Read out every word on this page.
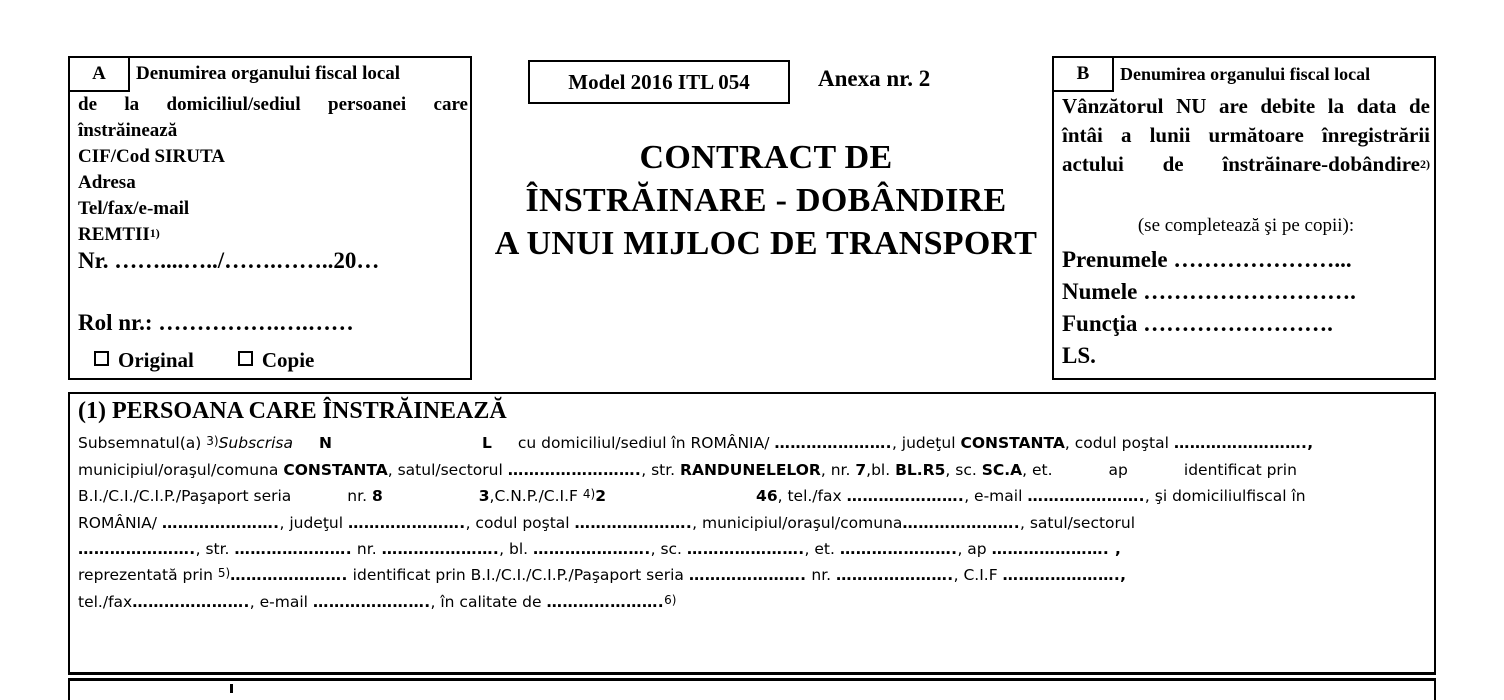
A	Denumirea organului fiscal local
de la domiciliul/sediul persoanei care
înstrăinează
CIF/Cod SIRUTA
Adresa
Tel/fax/e-mail
REMTII1)
Nr. ……....…../…….……..20…
Rol nr.: …………….….……
Original	Copie
Model 2016 ITL 054	Anexa nr. 2
CONTRACT DE
ÎNSTRĂINARE - DOBÂNDIRE
A UNUI MIJLOC DE TRANSPORT
B	Denumirea organului fiscal local
Vânzătorul NU are debite la data de întâi a lunii următoare înregistrării actului de înstrăinare-dobândire2)
(se completează şi pe copii):
Prenumele …………………...
Numele ……………………….
Funcţia …………………….
LS.
(1) PERSOANA CARE ÎNSTRĂINEAZĂ
Subsemnatul(a) 3)Subscrisa N	L cu domiciliul/sediul în ROMÂNIA/ …………………., judeţul CONSTANTA, codul poştal …………………….,
municipiul/oraşul/comuna CONSTANTA, satul/sectorul ……………………., str. RANDUNELELOR, nr. 7,bl. BL.R5, sc. SC.A, et.	ap	identificat prin
B.I./C.I./C.I.P./Paşaport seria	nr. 8	3,C.N.P./C.I.F 4)2	46, tel./fax …………………., e-mail …………………., şi domiciliulfiscal în
ROMÂNIA/ …………………., judeţul …………………., codul poştal …………………., municipiul/oraşul/comuna…………………., satul/sectorul
…………………., str. …………………. nr. …………………., bl. …………………., sc. …………………., et. …………………., ap …………………. ,
reprezentată prin 5)…………………. identificat prin B.I./C.I./C.I.P./Paşaport seria …………………. nr. …………………., C.I.F ………………….,
tel./fax…………………., e-mail …………………., în calitate de ………………….6)
